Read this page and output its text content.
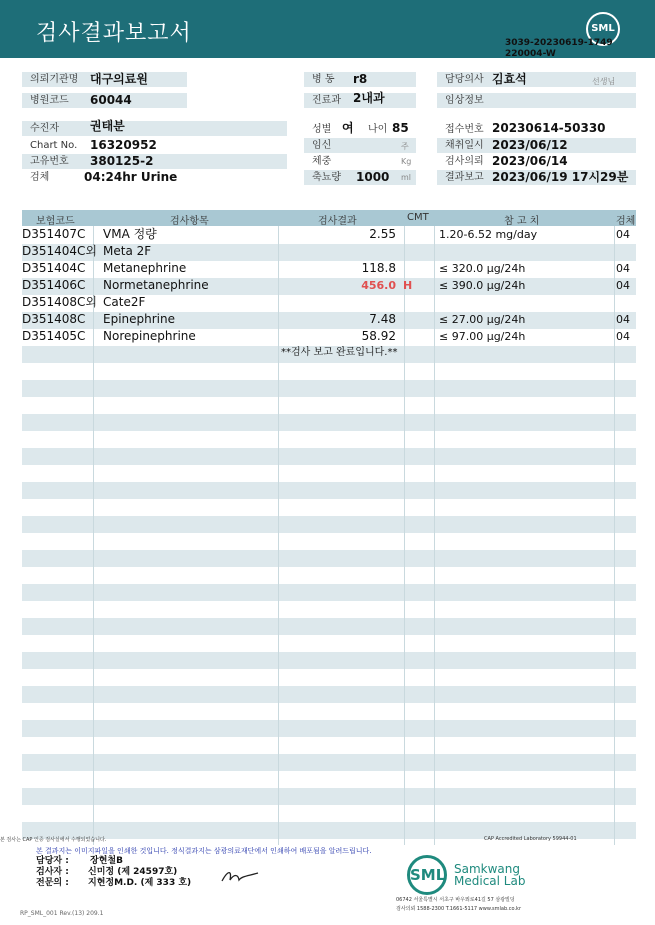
검사결과보고서	SML
3039-20230619-1749
220004-W
의뢰기관명 대구의료원
병원코드	60044
수진자	권태분
Chart No. 16320952
고유번호	380125-2
검체	04:24hr Urine
병 동	r8
진료과	2내과
성별 여 나이 85
임신	주
체중	Kg
축뇨량	1000 ml
담당의사 김효석	선생님
임상정보
접수번호 20230614-50330
채취일시 2023/06/12
검사의뢰 2023/06/14
결과보고 2023/06/19 17시29분
보험코드	검사항목	검사결과	CMT	참 고 치	검체
D351407C VMA 정량	2.55	1.20-6.52 mg/day	04
D351404C외 Meta 2F
D351404C Metanephrine	118.8	≤ 320.0 μg/24h	04
D351406C Normetanephrine	456.0 H ≤ 390.0 μg/24h	04
D351408C외 Cate2F
D351408C Epinephrine	7.48	≤ 27.00 μg/24h	04
D351405C Norepinephrine	58.92	≤ 97.00 μg/24h	04
**검사 보고 완료입니다.**
본 검사는 CAP 인증 검사실에서 수행되었습니다.	CAP Accredited Laboratory 59944-01
본 결과지는 이미지파일을 인쇄한 것입니다. 정식결과지는 삼광의료재단에서 인쇄하여 배포됨을 알려드립니다.
담당자 : 장현철B
검사자 : 신미정 (제 24597호)
전문의 : 지현정M.D. (제 333 호)	SML Samkwang
Medical Lab
06742 서울특별시 서초구 바우뫼로41길 57 삼광빌딩
검사의뢰 1588-2300 T.1661-5117 www.smlab.co.kr
RP_SML_001 Rev.(13) 209.1
